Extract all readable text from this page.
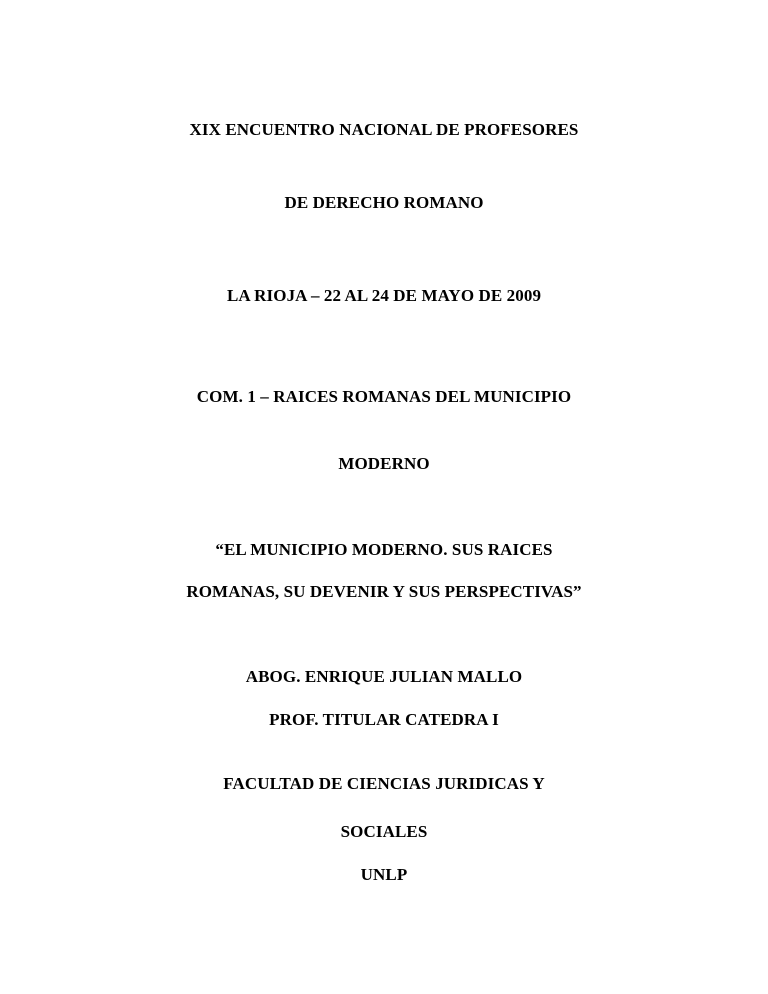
XIX ENCUENTRO NACIONAL DE PROFESORES
DE DERECHO ROMANO
LA RIOJA – 22 AL 24 DE MAYO DE 2009
COM. 1 – RAICES ROMANAS DEL MUNICIPIO
MODERNO
“EL MUNICIPIO MODERNO. SUS RAICES
ROMANAS, SU DEVENIR Y SUS PERSPECTIVAS”
ABOG. ENRIQUE JULIAN MALLO
PROF. TITULAR CATEDRA I
FACULTAD DE CIENCIAS JURIDICAS Y
SOCIALES
UNLP
